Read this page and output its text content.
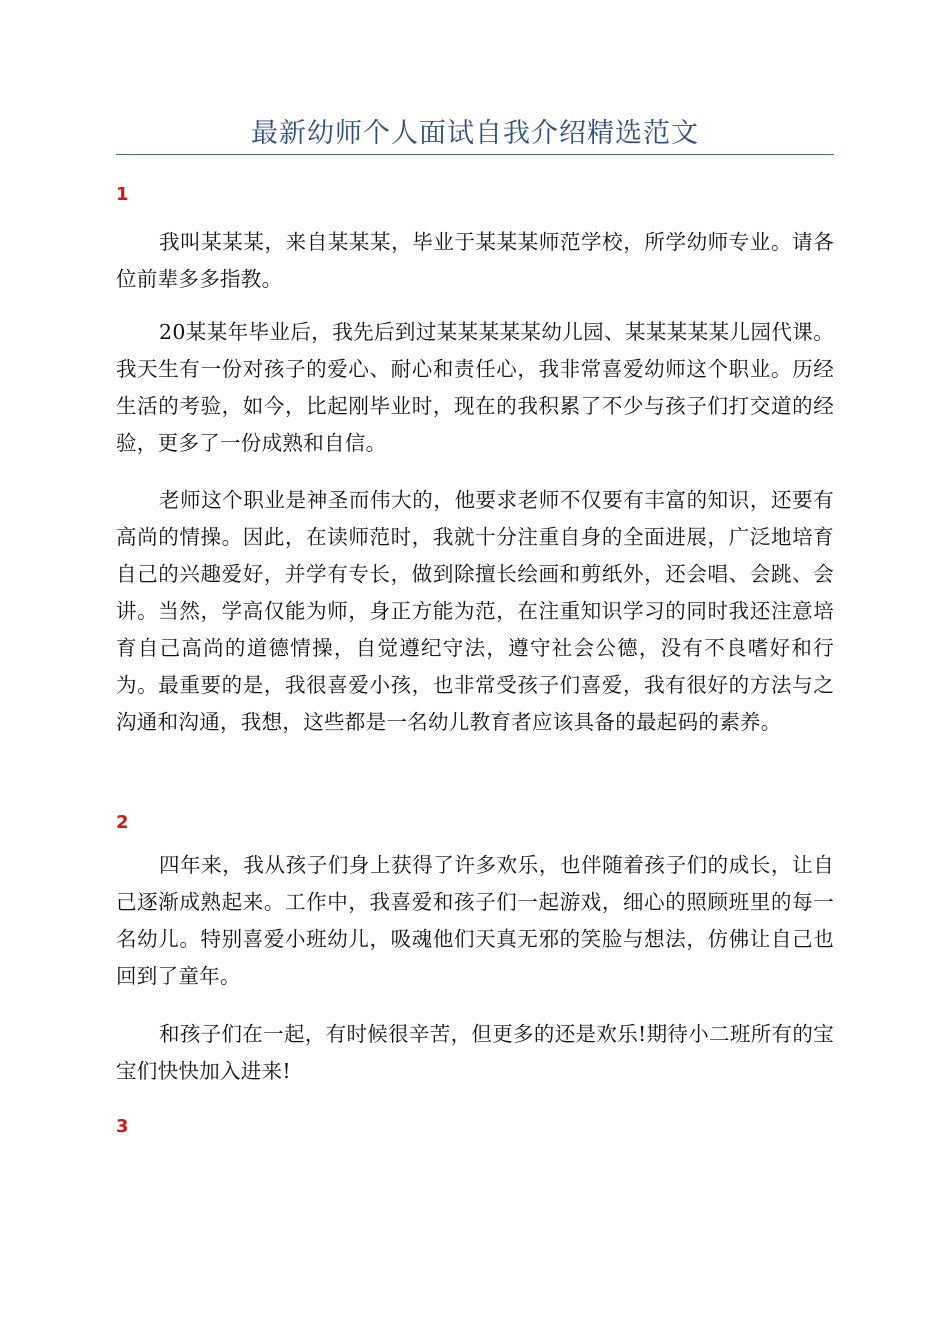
最新幼师个人面试自我介绍精选范文
1

我叫某某某，来自某某某，毕业于某某某师范学校，所学幼师专业。请各位前辈多多指教。

20某某年毕业后，我先后到过某某某某某幼儿园、某某某某某儿园代课。我天生有一份对孩子的爱心、耐心和责任心，我非常喜爱幼师这个职业。历经生活的考验，如今，比起刚毕业时，现在的我积累了不少与孩子们打交道的经验，更多了一份成熟和自信。

老师这个职业是神圣而伟大的，他要求老师不仅要有丰富的知识，还要有高尚的情操。因此，在读师范时，我就十分注重自身的全面进展，广泛地培育自己的兴趣爱好，并学有专长，做到除擅长绘画和剪纸外，还会唱、会跳、会讲。当然，学高仅能为师，身正方能为范，在注重知识学习的同时我还注意培育自己高尚的道德情操，自觉遵纪守法，遵守社会公德，没有不良嗜好和行为。最重要的是，我很喜爱小孩，也非常受孩子们喜爱，我有很好的方法与之沟通和沟通，我想，这些都是一名幼儿教育者应该具备的最起码的素养。

2

四年来，我从孩子们身上获得了许多欢乐，也伴随着孩子们的成长，让自己逐渐成熟起来。工作中，我喜爱和孩子们一起游戏，细心的照顾班里的每一名幼儿。特别喜爱小班幼儿，吸魂他们天真无邪的笑脸与想法，仿佛让自己也回到了童年。

和孩子们在一起，有时候很辛苦，但更多的还是欢乐!期待小二班所有的宝宝们快快加入进来!

3
